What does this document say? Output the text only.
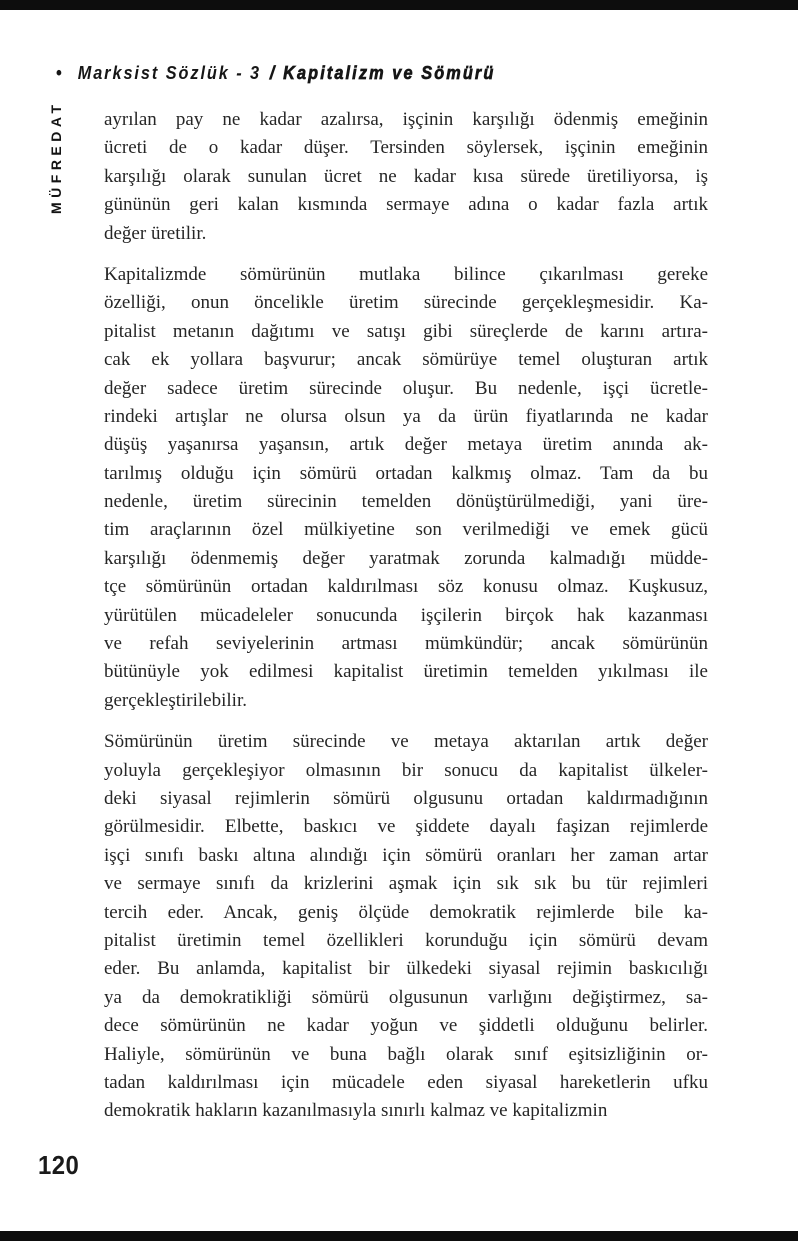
• Marksist Sözlük - 3 / Kapitalizm ve Sömürü
MÜFREDAT ayrılan pay ne kadar azalırsa, işçinin karşılığı ödenmiş emeğinin
ücreti de o kadar düşer. Tersinden söylersek, işçinin emeğinin
karşılığı olarak sunulan ücret ne kadar kısa sürede üretiliyorsa, iş
gününün geri kalan kısmında sermaye adına o kadar fazla artık
değer üretilir.
Kapitalizmde sömürünün mutlaka bilince çıkarılması gereke
özelliği, onun öncelikle üretim sürecinde gerçekleşmesidir. Ka-
pitalist metanın dağıtımı ve satışı gibi süreçlerde de karını artıra-
cak ek yollara başvurur; ancak sömürüye temel oluşturan artık
değer sadece üretim sürecinde oluşur. Bu nedenle, işçi ücretle-
rindeki artışlar ne olursa olsun ya da ürün fiyatlarında ne kadar
düşüş yaşanırsa yaşansın, artık değer metaya üretim anında ak-
tarılmış olduğu için sömürü ortadan kalkmış olmaz. Tam da bu
nedenle, üretim sürecinin temelden dönüştürülmediği, yani üre-
tim araçlarının özel mülkiyetine son verilmediği ve emek gücü
karşılığı ödenmemiş değer yaratmak zorunda kalmadığı müdde-
tçe sömürünün ortadan kaldırılması söz konusu olmaz. Kuşkusuz,
yürütülen mücadeleler sonucunda işçilerin birçok hak kazanması
ve refah seviyelerinin artması mümkündür; ancak sömürünün
bütünüyle yok edilmesi kapitalist üretimin temelden yıkılması ile
gerçekleştirilebilir.
Sömürünün üretim sürecinde ve metaya aktarılan artık değer
yoluyla gerçekleşiyor olmasının bir sonucu da kapitalist ülkeler-
deki siyasal rejimlerin sömürü olgusunu ortadan kaldırmadığının
görülmesidir. Elbette, baskıcı ve şiddete dayalı faşizan rejimlerde
işçi sınıfı baskı altına alındığı için sömürü oranları her zaman artar
ve sermaye sınıfı da krizlerini aşmak için sık sık bu tür rejimleri
tercih eder. Ancak, geniş ölçüde demokratik rejimlerde bile ka-
pitalist üretimin temel özellikleri korunduğu için sömürü devam
eder. Bu anlamda, kapitalist bir ülkedeki siyasal rejimin baskıcılığı
ya da demokratikliği sömürü olgusunun varlığını değiştirmez, sa-
dece sömürünün ne kadar yoğun ve şiddetli olduğunu belirler.
Haliyle, sömürünün ve buna bağlı olarak sınıf eşitsizliğinin or-
tadan kaldırılması için mücadele eden siyasal hareketlerin ufku
demokratik hakların kazanılmasıyla sınırlı kalmaz ve kapitalizmin
120
